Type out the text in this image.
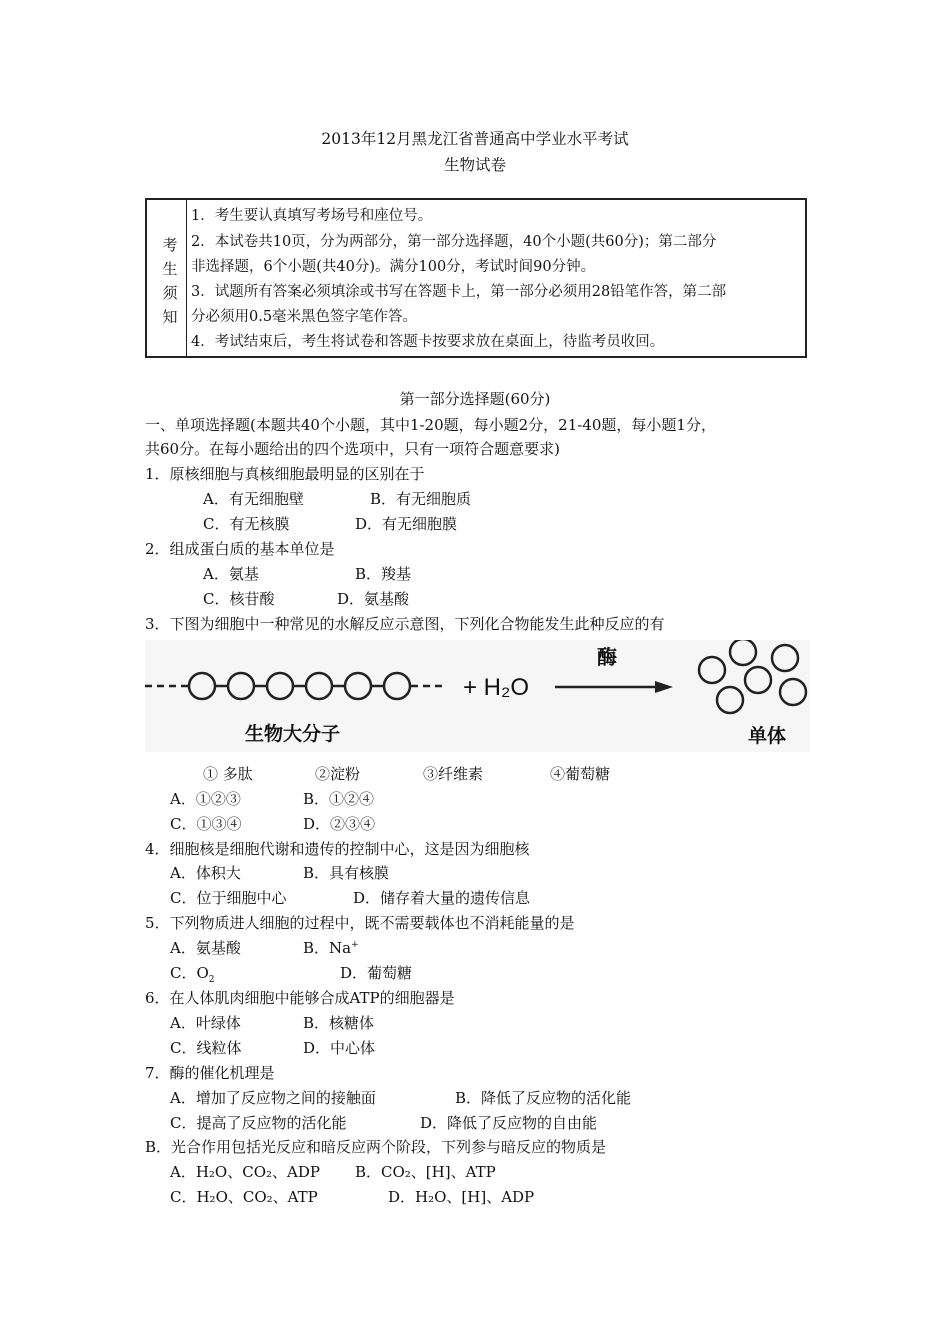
2013年12月黑龙江省普通高中学业水平考试
生物试卷
考
生
须
知
1．考生要认真填写考场号和座位号。
2．本试卷共10页，分为两部分，第一部分选择题，40个小题(共60分)；第二部分
非选择题，6个小题(共40分)。满分100分，考试时间90分钟。
3．试题所有答案必须填涂或书写在答题卡上，第一部分必须用28铅笔作答，第二部
分必须用0.5毫米黑色签字笔作答。
4．考试结束后，考生将试卷和答题卡按要求放在桌面上，待监考员收回。
第一部分选择题(60分)
一、单项选择题(本题共40个小题，其中1-20题，每小题2分，21-40题，每小题1分，
共60分。在每小题给出的四个选项中，只有一项符合题意要求)
1．原核细胞与真核细胞最明显的区别在于
A．有无细胞壁	B．有无细胞质
C．有无核膜	D．有无细胞膜
2．组成蛋白质的基本单位是
A．氨基	B．羧基
C．核苷酸	D．氨基酸
3．下图为细胞中一种常见的水解反应示意图，下列化合物能发生此种反应的有
+ H₂O
酶
生物大分子	单体
① 多肽	②淀粉	③纤维素	④葡萄糖
A．①②③	B．①②④
C．①③④	D．②③④
4．细胞核是细胞代谢和遗传的控制中心，这是因为细胞核
A．体积大	B．具有核膜
C．位于细胞中心	D．储存着大量的遗传信息
5．下列物质进人细胞的过程中，既不需要载体也不消耗能量的是
A．氨基酸	B．Na+
C．$O_2$	D．葡萄糖
6．在人体肌肉细胞中能够合成ATP的细胞器是
A．叶绿体	B．核糖体
C．线粒体	D．中心体
7．酶的催化机理是
A．增加了反应物之间的接触面	B．降低了反应物的活化能
C．提高了反应物的活化能	D．降低了反应物的自由能
B．光合作用包括光反应和暗反应两个阶段，下列参与暗反应的物质是
A．H₂O、CO₂、ADP B．CO₂、[H]、ATP
C．H₂O、CO₂、ATP	D．H₂O、[H]、ADP
